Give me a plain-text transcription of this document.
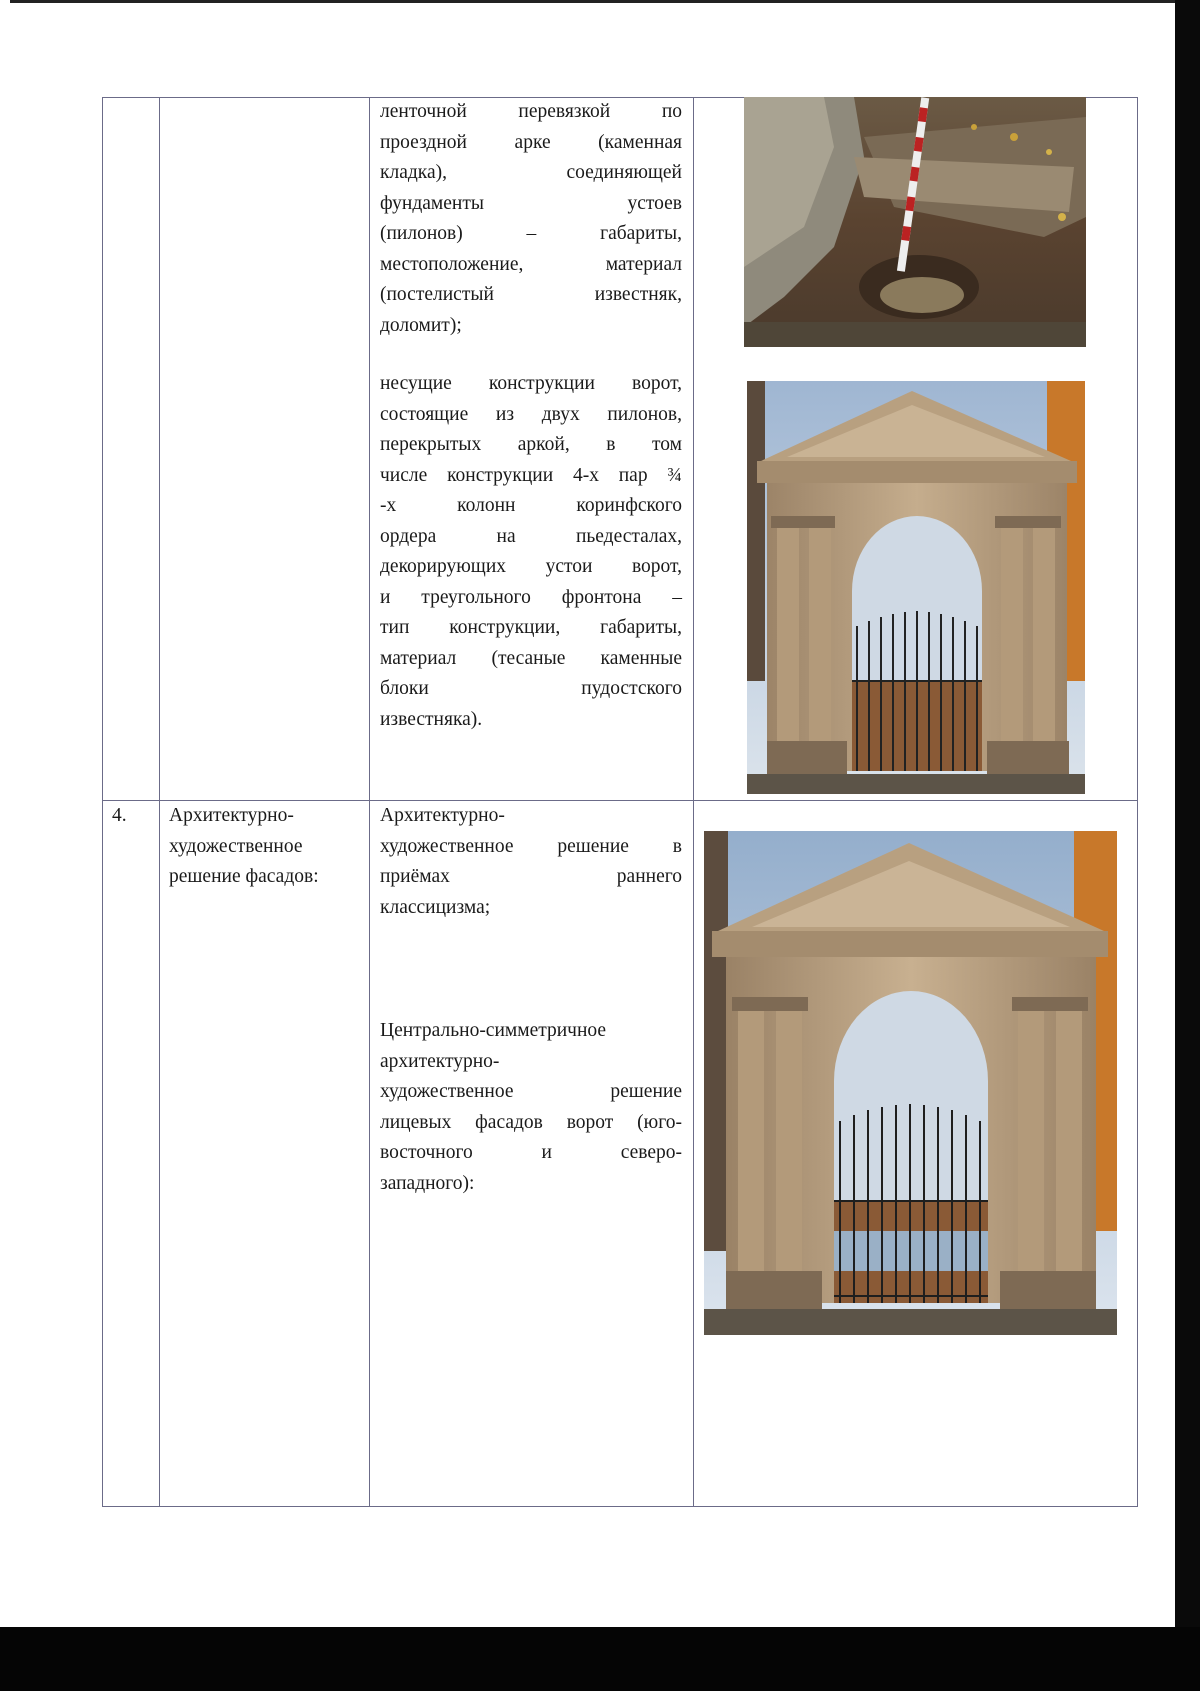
ленточной перевязкой по
проездной арке (каменная
кладка), соединяющей
фундаменты устоев
(пилонов) – габариты,
местоположение, материал
(постелистый известняк,
доломит);

несущие конструкции ворот,
состоящие из двух пилонов,
перекрытых аркой, в том
числе конструкции 4-х пар ¾
-х колонн коринфского
ордера на пьедесталах,
декорирующих устои ворот,
и треугольного фронтона –
тип конструкции, габариты,
материал (тесаные каменные
блоки пудостского
известняка).

4.	Архитектурно-
художественное
решение фасадов:

Архитектурно-
художественное решение в
приёмах раннего
классицизма;

Центрально-симметричное
архитектурно-
художественное решение
лицевых фасадов ворот (юго-
восточного и северо-
западного):
